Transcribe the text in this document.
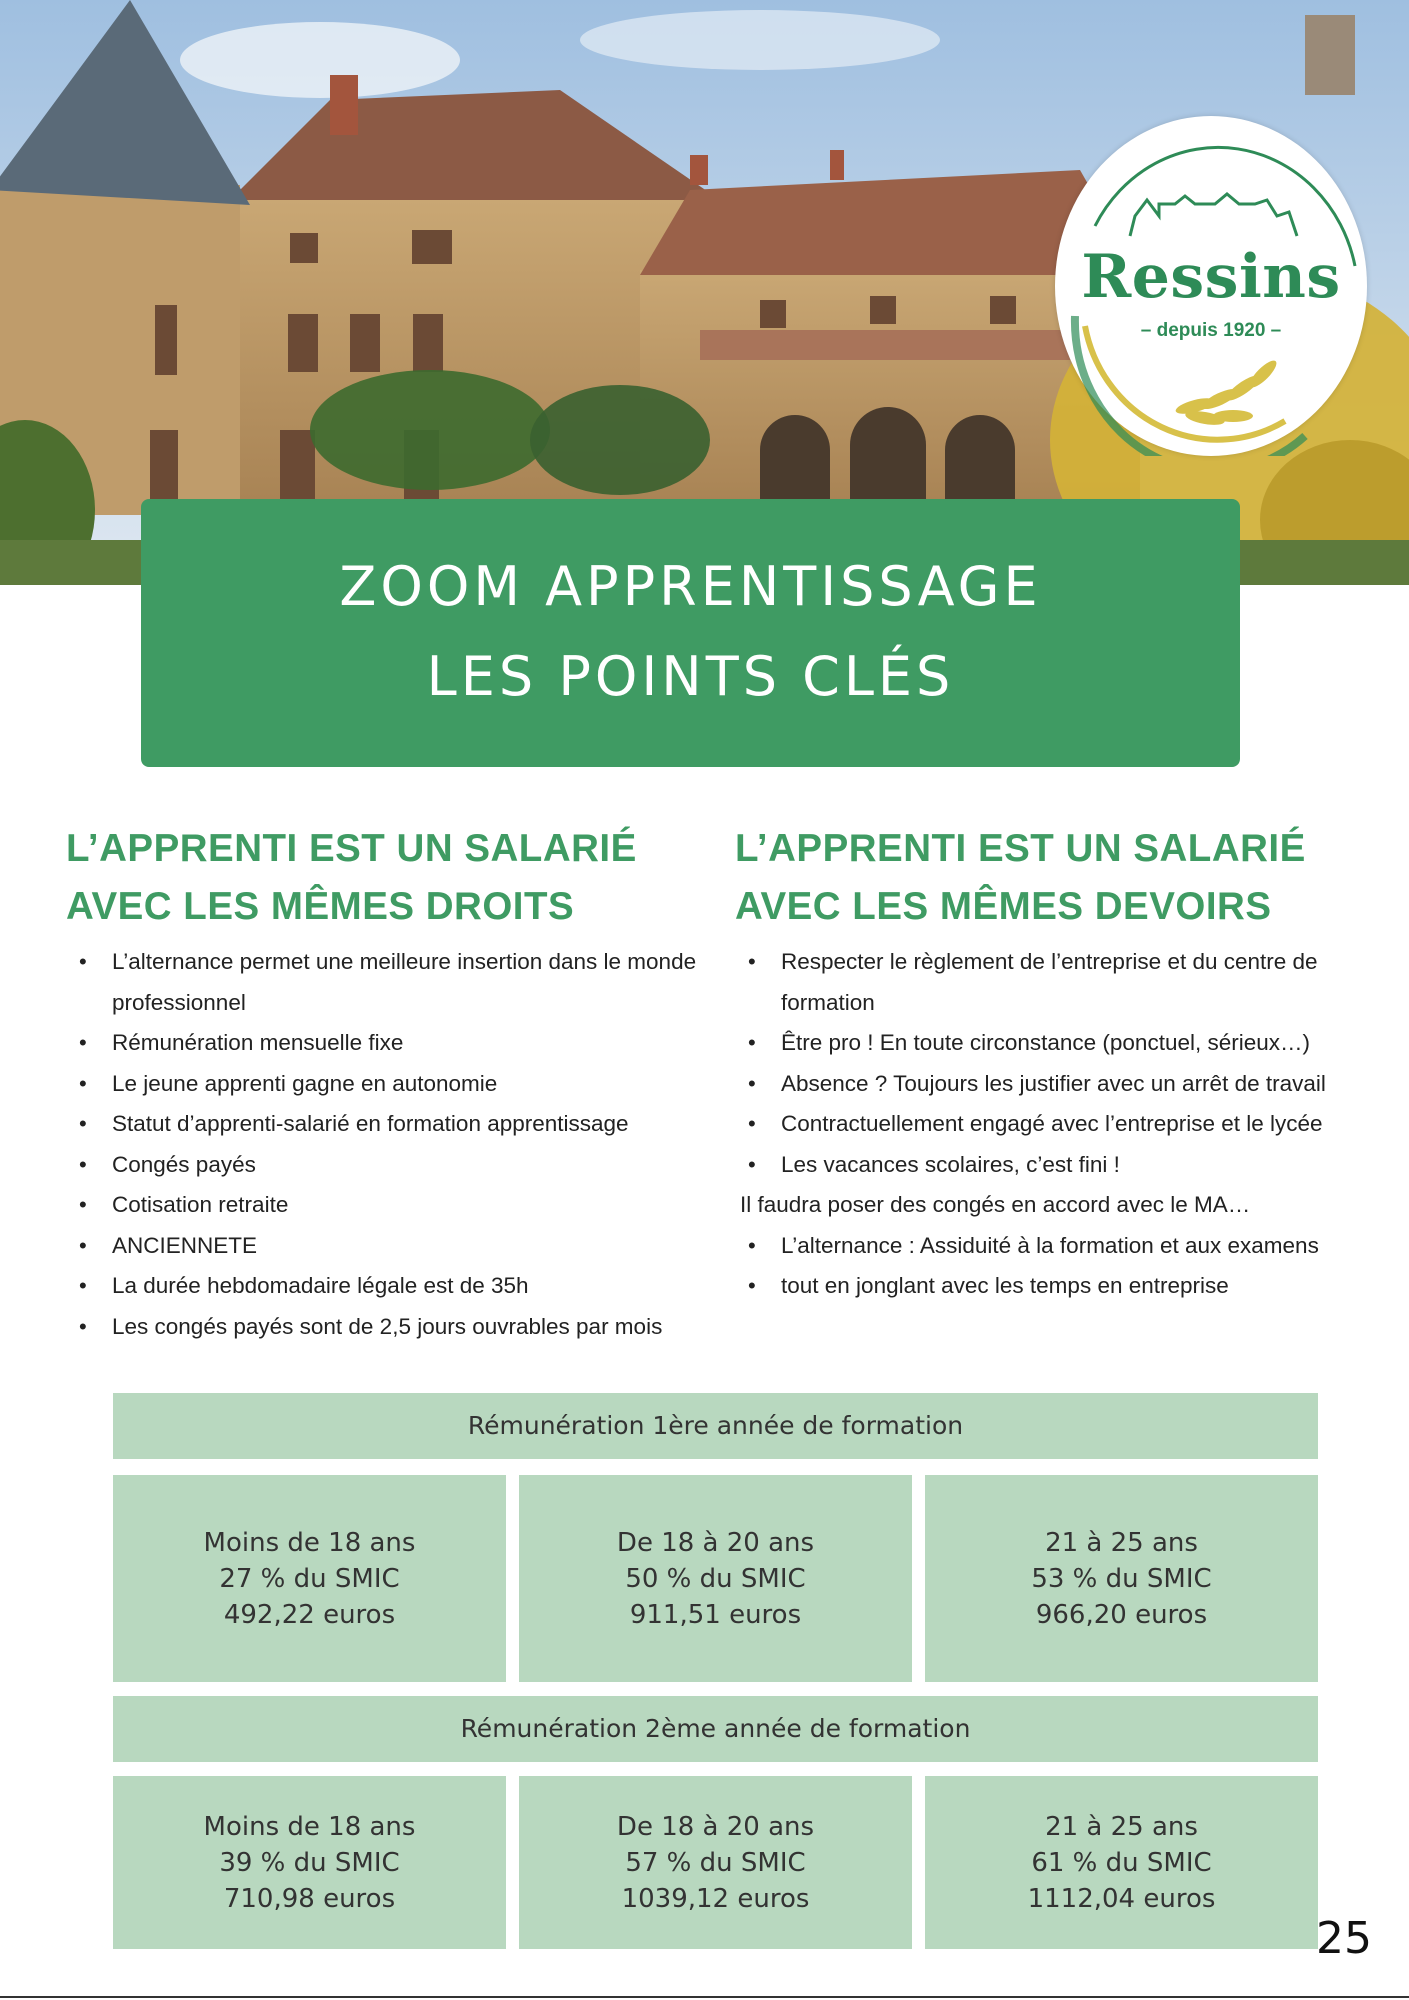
Ressins
– depuis 1920 –
ZOOM APPRENTISSAGE
LES POINTS CLÉS
L’APPRENTI EST UN SALARIÉ
AVEC LES MÊMES DROITS
• L’alternance permet une meilleure insertion dans le monde professionnel
• Rémunération mensuelle fixe
• Le jeune apprenti gagne en autonomie
• Statut d’apprenti-salarié en formation apprentissage
• Congés payés
• Cotisation retraite
• ANCIENNETE
• La durée hebdomadaire légale est de 35h
• Les congés payés sont de 2,5 jours ouvrables par mois
L’APPRENTI EST UN SALARIÉ
AVEC LES MÊMES DEVOIRS
• Respecter le règlement de l’entreprise et du centre de formation
• Être pro ! En toute circonstance (ponctuel, sérieux…)
• Absence ? Toujours les justifier avec un arrêt de travail
• Contractuellement engagé avec l’entreprise et le lycée
• Les vacances scolaires, c’est fini !
Il faudra poser des congés en accord avec le MA…
• L’alternance : Assiduité à la formation et aux examens
• tout en jonglant avec les temps en entreprise
Rémunération 1ère année de formation
Moins de 18 ans
27 % du SMIC
492,22 euros
De 18 à 20 ans
50 % du SMIC
911,51 euros
21 à 25 ans
53 % du SMIC
966,20 euros
Rémunération 2ème année de formation
Moins de 18 ans
39 % du SMIC
710,98 euros
De 18 à 20 ans
57 % du SMIC
1039,12 euros
21 à 25 ans
61 % du SMIC
1112,04 euros
25
